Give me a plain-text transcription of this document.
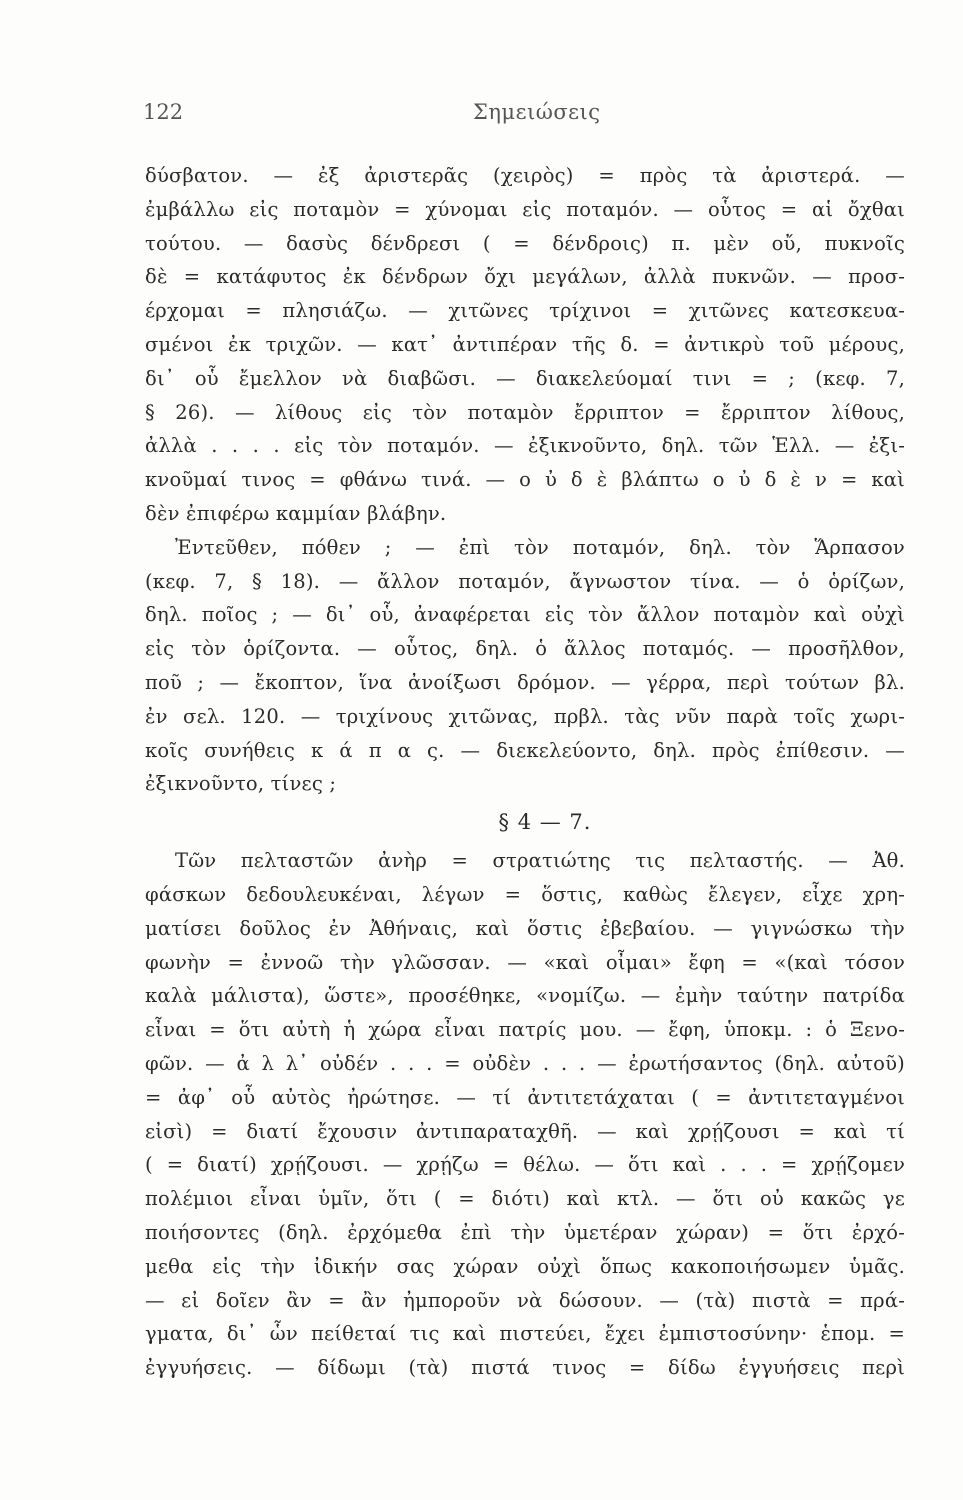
122	Σημειώσεις
δύσβατον. — ἐξ ἀριστερᾶς (χειρὸς) = πρὸς τὰ ἀριστερά. —
ἐμβάλλω εἰς ποταμὸν = χύνομαι εἰς ποταμόν. — οὗτος = αἱ ὄχθαι
τούτου. — δασὺς δένδρεσι ( = δένδροις) π. μὲν οὔ, πυκνοῖς
δὲ = κατάφυτος ἐκ δένδρων ὄχι μεγάλων, ἀλλὰ πυκνῶν. — προσ-
έρχομαι = πλησιάζω. — χιτῶνες τρίχινοι = χιτῶνες κατεσκευα-
σμένοι ἐκ τριχῶν. — κατ᾿ ἀντιπέραν τῆς δ. = ἀντικρὺ τοῦ μέρους,
δι᾿ οὗ ἔμελλον νὰ διαβῶσι. — διακελεύομαί τινι = ; (κεφ. 7,
§ 26). — λίθους εἰς τὸν ποταμὸν ἔρριπτον = ἔρριπτον λίθους,
ἀλλὰ . . . . εἰς τὸν ποταμόν. — ἐξικνοῦντο, δηλ. τῶν Ἑλλ. — ἐξι-
κνοῦμαί τινος = φθάνω τινά. — ο ὐ δ ὲ βλάπτω ο ὐ δ ὲ ν = καὶ
δὲν ἐπιφέρω καμμίαν βλάβην.
Ἐντεῦθεν, πόθεν ; — ἐπὶ τὸν ποταμόν, δηλ. τὸν Ἅρπασον
(κεφ. 7, § 18). — ἄλλον ποταμόν, ἄγνωστον τίνα. — ὁ ὁρίζων,
δηλ. ποῖος ; — δι᾿ οὗ, ἀναφέρεται εἰς τὸν ἄλλον ποταμὸν καὶ οὐχὶ
εἰς τὸν ὁρίζοντα. — οὗτος, δηλ. ὁ ἄλλος ποταμός. — προσῆλθον,
ποῦ ; — ἔκοπτον, ἵνα ἀνοίξωσι δρόμον. — γέρρα, περὶ τούτων βλ.
ἐν σελ. 120. — τριχίνους χιτῶνας, πρβλ. τὰς νῦν παρὰ τοῖς χωρι-
κοῖς συνήθεις κ ά π α ς. — διεκελεύοντο, δηλ. πρὸς ἐπίθεσιν. —
ἐξικνοῦντο, τίνες ;
§ 4 — 7.
Τῶν πελταστῶν ἀνὴρ = στρατιώτης τις πελταστής. — Ἀθ.
φάσκων δεδουλευκέναι, λέγων = ὅστις, καθὼς ἔλεγεν, εἶχε χρη-
ματίσει δοῦλος ἐν Ἀθήναις, καὶ ὅστις ἐβεβαίου. — γιγνώσκω τὴν
φωνὴν = ἐννοῶ τὴν γλῶσσαν. — «καὶ οἶμαι» ἔφη = «(καὶ τόσον
καλὰ μάλιστα), ὥστε», προσέθηκε, «νομίζω. — ἐμὴν ταύτην πατρίδα
εἶναι = ὅτι αὐτὴ ἡ χώρα εἶναι πατρίς μου. — ἔφη, ὑποκμ. : ὁ Ξενο-
φῶν. — ἀ λ λ᾿ οὐδέν . . . = οὐδὲν . . . — ἐρωτήσαντος (δηλ. αὐτοῦ)
= ἀφ᾿ οὗ αὐτὸς ἠρώτησε. — τί ἀντιτετάχαται ( = ἀντιτεταγμένοι
εἰσὶ) = διατί ἔχουσιν ἀντιπαραταχθῆ. — καὶ χρῄζουσι = καὶ τί
( = διατί) χρῄζουσι. — χρῄζω = θέλω. — ὅτι καὶ . . . = χρῄζομεν
πολέμιοι εἶναι ὑμῖν, ὅτι ( = διότι) καὶ κτλ. — ὅτι οὐ κακῶς γε
ποιήσοντες (δηλ. ἐρχόμεθα ἐπὶ τὴν ὑμετέραν χώραν) = ὅτι ἐρχό-
μεθα εἰς τὴν ἰδικήν σας χώραν οὐχὶ ὅπως κακοποιήσωμεν ὑμᾶς.
— εἰ δοῖεν ἂν = ἂν ἠμποροῦν νὰ δώσουν. — (τὰ) πιστὰ = πρά-
γματα, δι᾿ ὧν πείθεταί τις καὶ πιστεύει, ἔχει ἐμπιστοσύνην· ἑπομ. =
ἐγγυήσεις. — δίδωμι (τὰ) πιστά τινος = δίδω ἐγγυήσεις περὶ
